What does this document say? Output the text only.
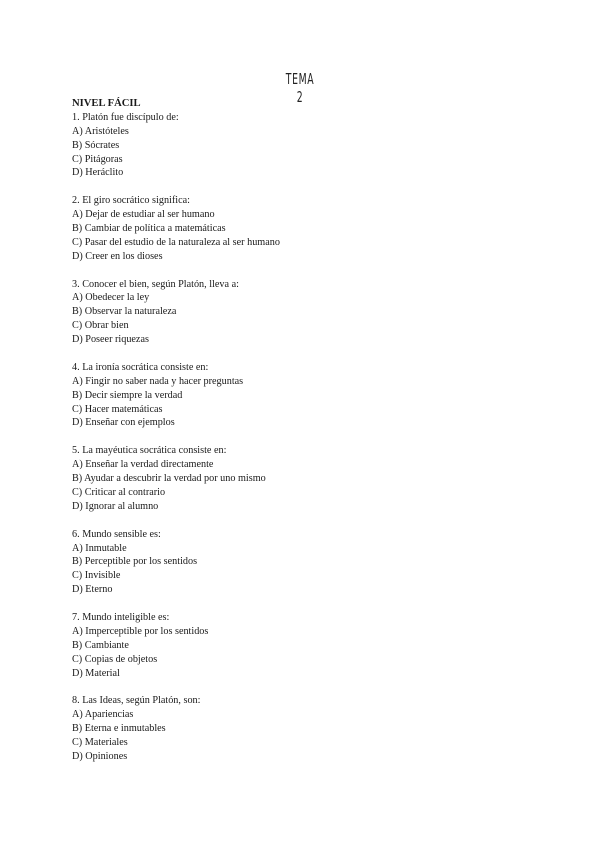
TEMA 2
NIVEL FÁCIL
1. Platón fue discípulo de:
A) Aristóteles
B) Sócrates
C) Pitágoras
D) Heráclito
2. El giro socrático significa:
A) Dejar de estudiar al ser humano
B) Cambiar de política a matemáticas
C) Pasar del estudio de la naturaleza al ser humano
D) Creer en los dioses
3. Conocer el bien, según Platón, lleva a:
A) Obedecer la ley
B) Observar la naturaleza
C) Obrar bien
D) Poseer riquezas
4. La ironía socrática consiste en:
A) Fingir no saber nada y hacer preguntas
B) Decir siempre la verdad
C) Hacer matemáticas
D) Enseñar con ejemplos
5. La mayéutica socrática consiste en:
A) Enseñar la verdad directamente
B) Ayudar a descubrir la verdad por uno mismo
C) Criticar al contrario
D) Ignorar al alumno
6. Mundo sensible es:
A) Inmutable
B) Perceptible por los sentidos
C) Invisible
D) Eterno
7. Mundo inteligible es:
A) Imperceptible por los sentidos
B) Cambiante
C) Copias de objetos
D) Material
8. Las Ideas, según Platón, son:
A) Apariencias
B) Eterna e inmutables
C) Materiales
D) Opiniones
